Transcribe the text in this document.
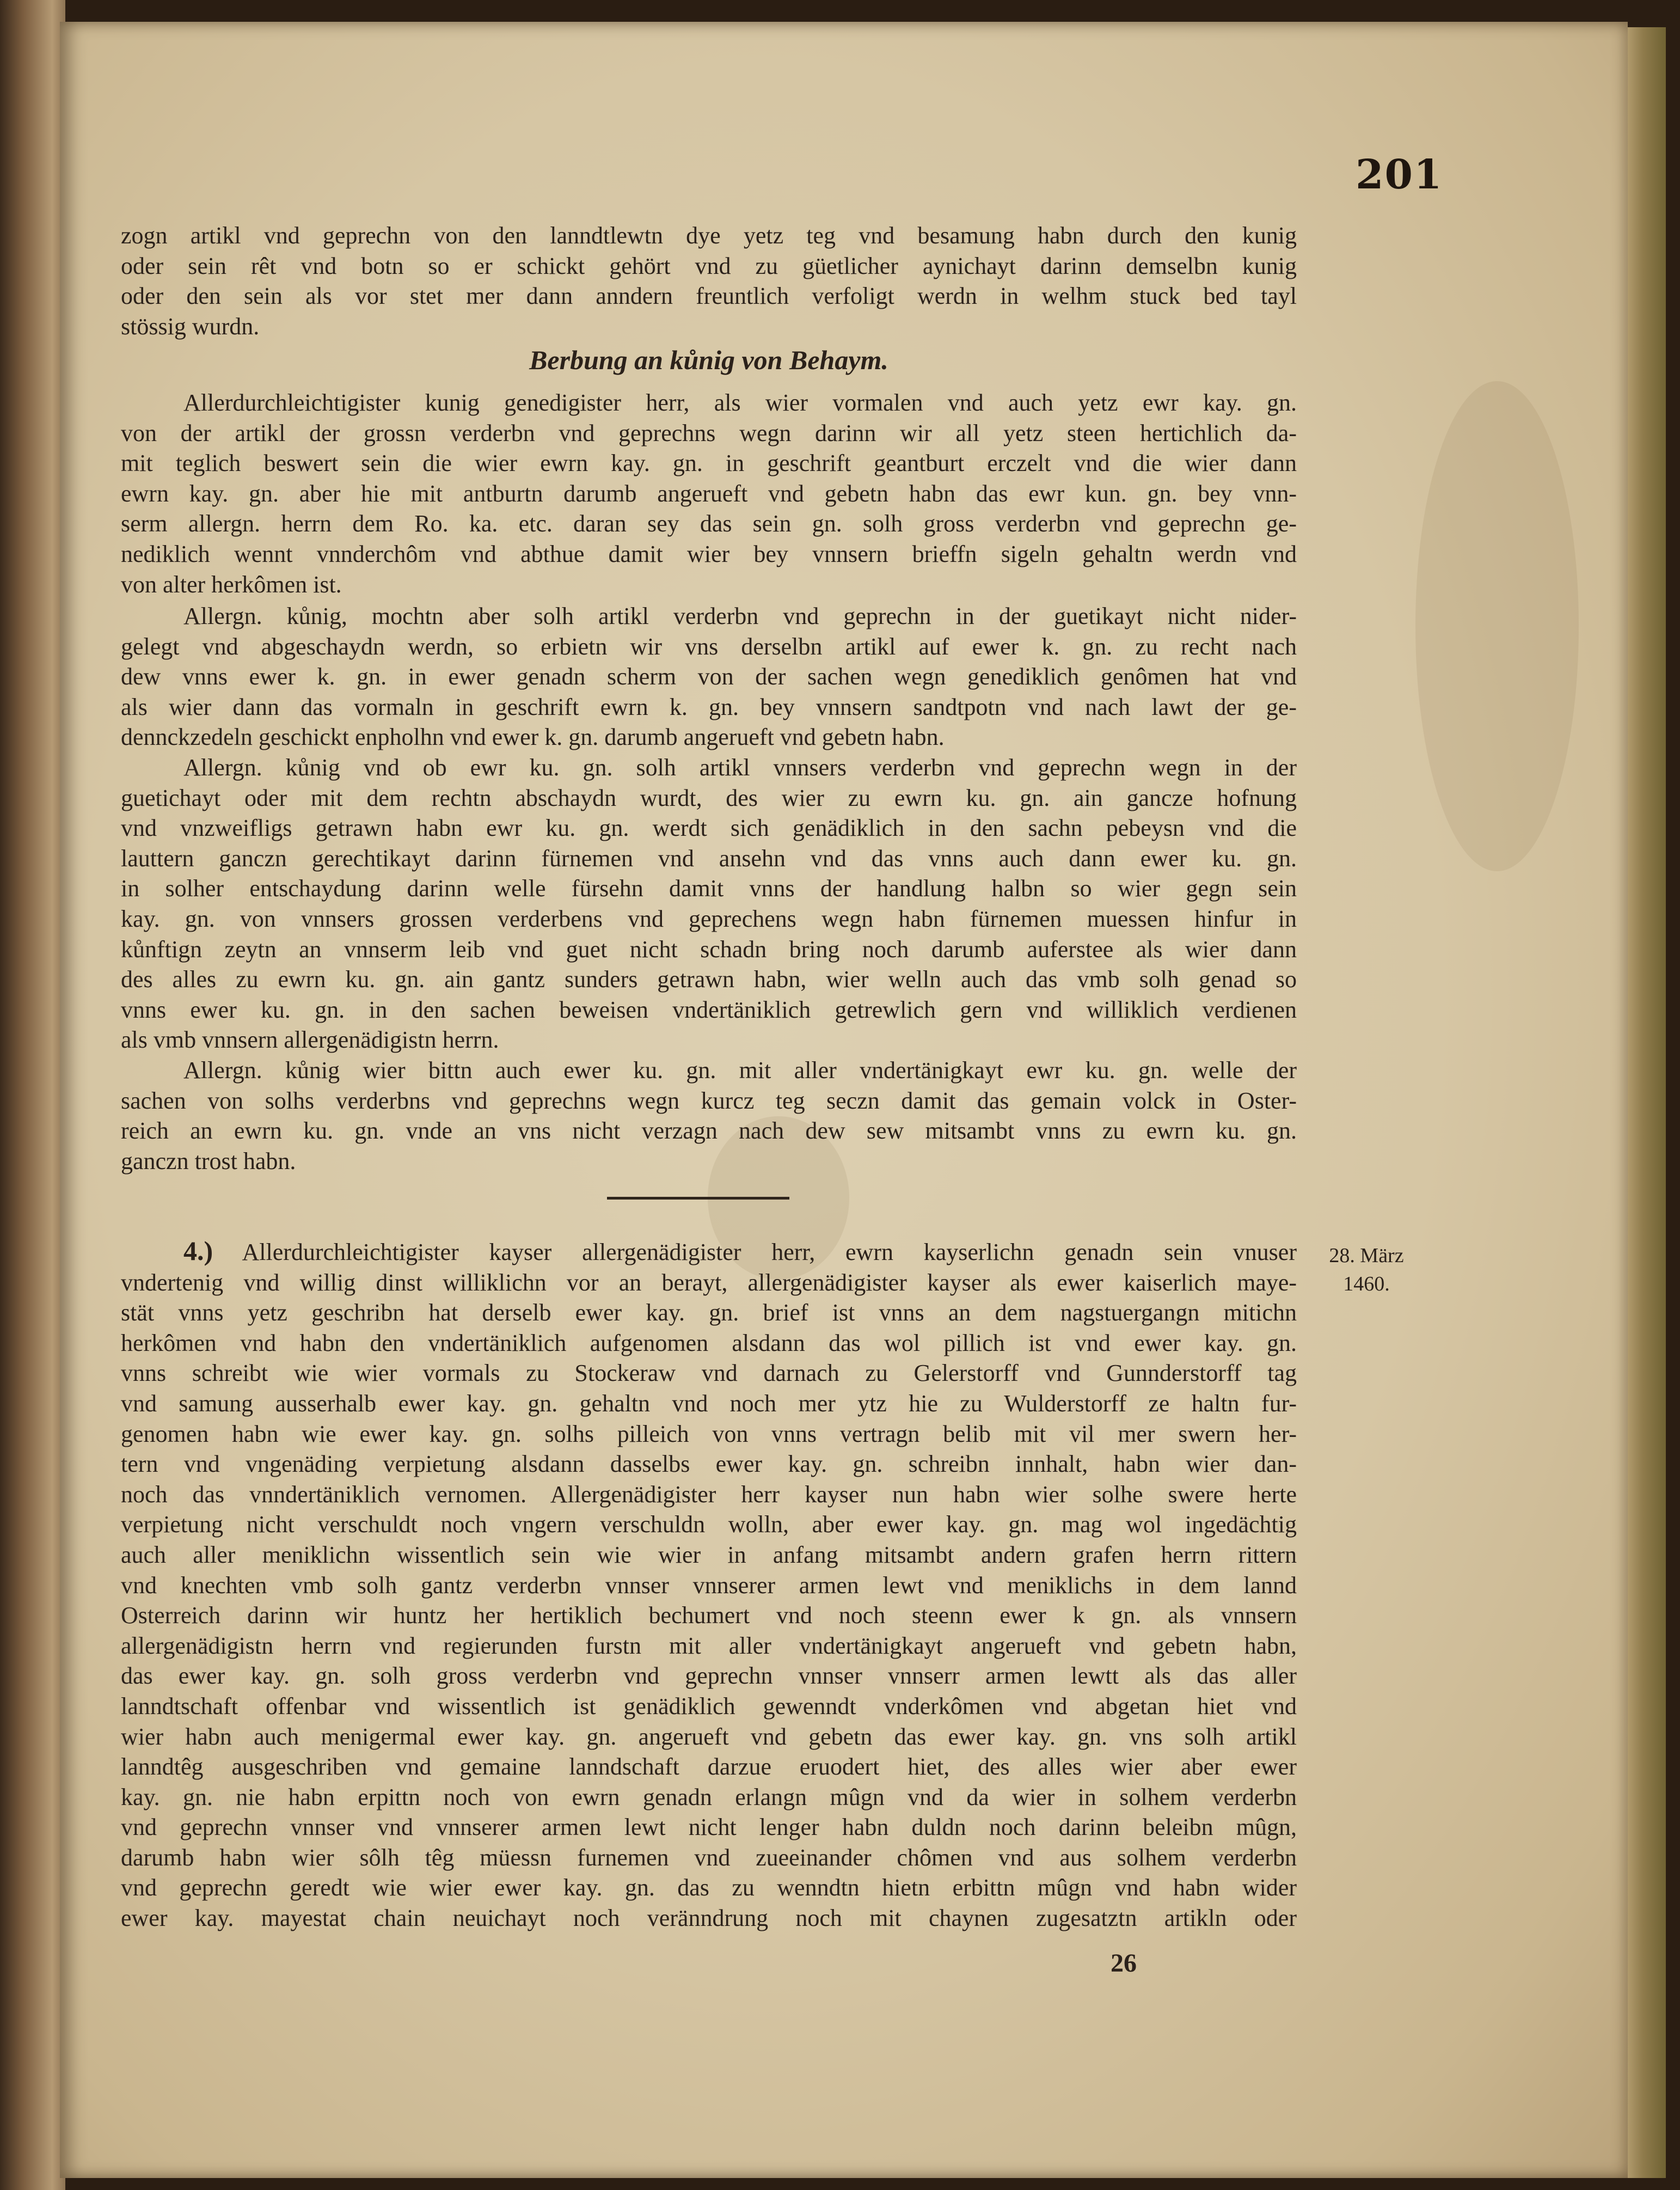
201
zogn artikl vnd geprechn von den lanndtlewtn dye yetz teg vnd besamung habn durch den kunig
oder sein rêt vnd botn so er schickt gehört vnd zu güetlicher aynichayt darinn demselbn kunig
oder den sein als vor stet mer dann anndern freuntlich verfoligt werdn in welhm stuck bed tayl
stössig wurdn.
Berbung an kůnig von Behaym.
Allerdurchleichtigister kunig genedigister herr, als wier vormalen vnd auch yetz ewr kay. gn.
von der artikl der grossn verderbn vnd geprechns wegn darinn wir all yetz steen hertichlich da-
mit teglich beswert sein die wier ewrn kay. gn. in geschrift geantburt erczelt vnd die wier dann
ewrn kay. gn. aber hie mit antburtn darumb angerueft vnd gebetn habn das ewr kun. gn. bey vnn-
serm allergn. herrn dem Ro. ka. etc. daran sey das sein gn. solh gross verderbn vnd geprechn ge-
nediklich wennt vnnderchôm vnd abthue damit wier bey vnnsern brieffn sigeln gehaltn werdn vnd
von alter herkômen ist.
Allergn. kůnig, mochtn aber solh artikl verderbn vnd geprechn in der guetikayt nicht nider-
gelegt vnd abgeschaydn werdn, so erbietn wir vns derselbn artikl auf ewer k. gn. zu recht nach
dew vnns ewer k. gn. in ewer genadn scherm von der sachen wegn genediklich genômen hat vnd
als wier dann das vormaln in geschrift ewrn k. gn. bey vnnsern sandtpotn vnd nach lawt der ge-
dennckzedeln geschickt enpholhn vnd ewer k. gn. darumb angerueft vnd gebetn habn.
Allergn. kůnig vnd ob ewr ku. gn. solh artikl vnnsers verderbn vnd geprechn wegn in der
guetichayt oder mit dem rechtn abschaydn wurdt, des wier zu ewrn ku. gn. ain gancze hofnung
vnd vnzweifligs getrawn habn ewr ku. gn. werdt sich genädiklich in den sachn pebeysn vnd die
lauttern ganczn gerechtikayt darinn fürnemen vnd ansehn vnd das vnns auch dann ewer ku. gn.
in solher entschaydung darinn welle fürsehn damit vnns der handlung halbn so wier gegn sein
kay. gn. von vnnsers grossen verderbens vnd geprechens wegn habn fürnemen muessen hinfur in
kůnftign zeytn an vnnserm leib vnd guet nicht schadn bring noch darumb auferstee als wier dann
des alles zu ewrn ku. gn. ain gantz sunders getrawn habn, wier welln auch das vmb solh genad so
vnns ewer ku. gn. in den sachen beweisen vndertäniklich getrewlich gern vnd williklich verdienen
als vmb vnnsern allergenädigistn herrn.
Allergn. kůnig wier bittn auch ewer ku. gn. mit aller vndertänigkayt ewr ku. gn. welle der
sachen von solhs verderbns vnd geprechns wegn kurcz teg seczn damit das gemain volck in Oster-
reich an ewrn ku. gn. vnde an vns nicht verzagn nach dew sew mitsambt vnns zu ewrn ku. gn.
ganczn trost habn.
4.) Allerdurchleichtigister kayser allergenädigister herr, ewrn kayserlichn genadn sein vnuser
vndertenig vnd willig dinst williklichn vor an berayt, allergenädigister kayser als ewer kaiserlich maye-
stät vnns yetz geschribn hat derselb ewer kay. gn. brief ist vnns an dem nagstuergangn mitichn
herkômen vnd habn den vndertäniklich aufgenomen alsdann das wol pillich ist vnd ewer kay. gn.
vnns schreibt wie wier vormals zu Stockeraw vnd darnach zu Gelerstorff vnd Gunnderstorff tag
vnd samung ausserhalb ewer kay. gn. gehaltn vnd noch mer ytz hie zu Wulderstorff ze haltn fur-
genomen habn wie ewer kay. gn. solhs pilleich von vnns vertragn belib mit vil mer swern her-
tern vnd vngenäding verpietung alsdann dasselbs ewer kay. gn. schreibn innhalt, habn wier dan-
noch das vnndertäniklich vernomen. Allergenädigister herr kayser nun habn wier solhe swere herte
verpietung nicht verschuldt noch vngern verschuldn wolln, aber ewer kay. gn. mag wol ingedächtig
auch aller meniklichn wissentlich sein wie wier in anfang mitsambt andern grafen herrn rittern
vnd knechten vmb solh gantz verderbn vnnser vnnserer armen lewt vnd meniklichs in dem lannd
Osterreich darinn wir huntz her hertiklich bechumert vnd noch steenn ewer k gn. als vnnsern
allergenädigistn herrn vnd regierunden furstn mit aller vndertänigkayt angerueft vnd gebetn habn,
das ewer kay. gn. solh gross verderbn vnd geprechn vnnser vnnserr armen lewtt als das aller
lanndtschaft offenbar vnd wissentlich ist genädiklich gewenndt vnderkômen vnd abgetan hiet vnd
wier habn auch menigermal ewer kay. gn. angerueft vnd gebetn das ewer kay. gn. vns solh artikl
lanndtêg ausgeschriben vnd gemaine lanndschaft darzue eruodert hiet, des alles wier aber ewer
kay. gn. nie habn erpittn noch von ewrn genadn erlangn mûgn vnd da wier in solhem verderbn
vnd geprechn vnnser vnd vnnserer armen lewt nicht lenger habn duldn noch darinn beleibn mûgn,
darumb habn wier sôlh têg müessn furnemen vnd zueeinander chômen vnd aus solhem verderbn
vnd geprechn geredt wie wier ewer kay. gn. das zu wenndtn hietn erbittn mûgn vnd habn wider
ewer kay. mayestat chain neuichayt noch veränndrung noch mit chaynen zugesatztn artikln oder
28. März
1460.
26
